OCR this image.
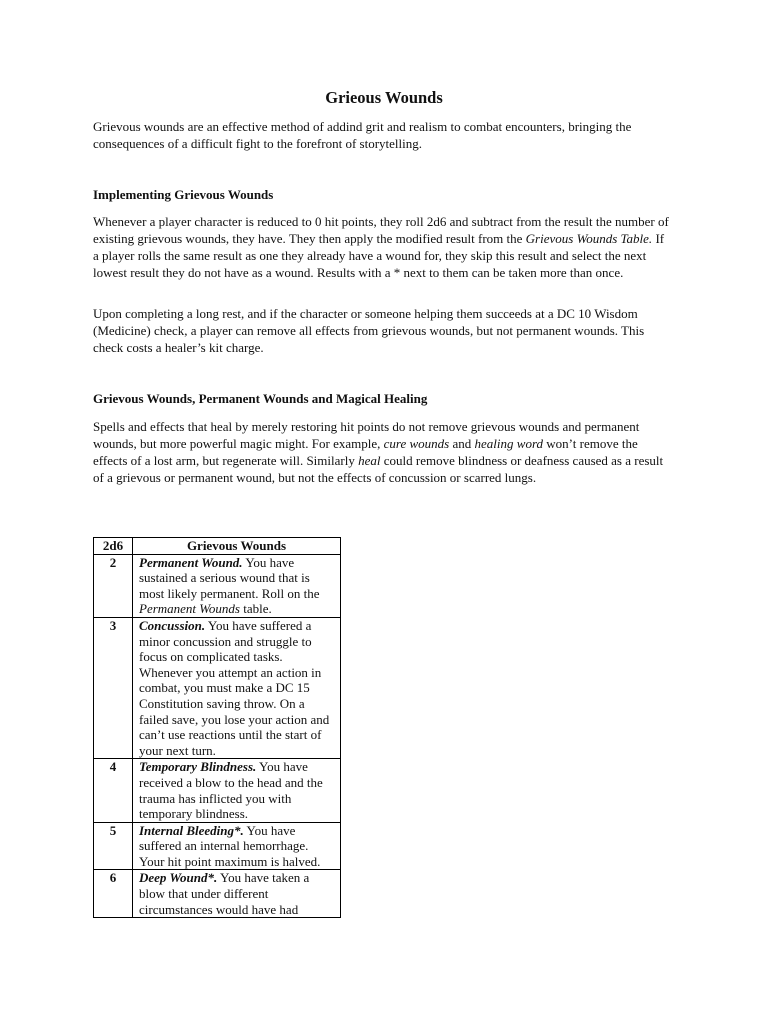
Grieous Wounds

Grievous wounds are an effective method of addind grit and realism to combat encounters, bringing the consequences of a difficult fight to the forefront of storytelling.

Implementing Grievous Wounds

Whenever a player character is reduced to 0 hit points, they roll 2d6 and subtract from the result the number of existing grievous wounds, they have. They then apply the modified result from the Grievous Wounds Table. If a player rolls the same result as one they already have a wound for, they skip this result and select the next lowest result they do not have as a wound. Results with a * next to them can be taken more than once.

Upon completing a long rest, and if the character or someone helping them succeeds at a DC 10 Wisdom (Medicine) check, a player can remove all effects from grievous wounds, but not permanent wounds. This check costs a healer’s kit charge.

Grievous Wounds, Permanent Wounds and Magical Healing

Spells and effects that heal by merely restoring hit points do not remove grievous wounds and permanent wounds, but more powerful magic might. For example, cure wounds and healing word won’t remove the effects of a lost arm, but regenerate will. Similarly heal could remove blindness or deafness caused as a result of a grievous or permanent wound, but not the effects of concussion or scarred lungs.

2d6	Grievous Wounds
2	Permanent Wound. You have sustained a serious wound that is most likely permanent. Roll on the Permanent Wounds table.
3	Concussion. You have suffered a minor concussion and struggle to focus on complicated tasks. Whenever you attempt an action in combat, you must make a DC 15 Constitution saving throw. On a failed save, you lose your action and can’t use reactions until the start of your next turn.
4	Temporary Blindness. You have received a blow to the head and the trauma has inflicted you with temporary blindness.
5	Internal Bleeding*. You have suffered an internal hemorrhage. Your hit point maximum is halved.
6	Deep Wound*. You have taken a blow that under different circumstances would have had
